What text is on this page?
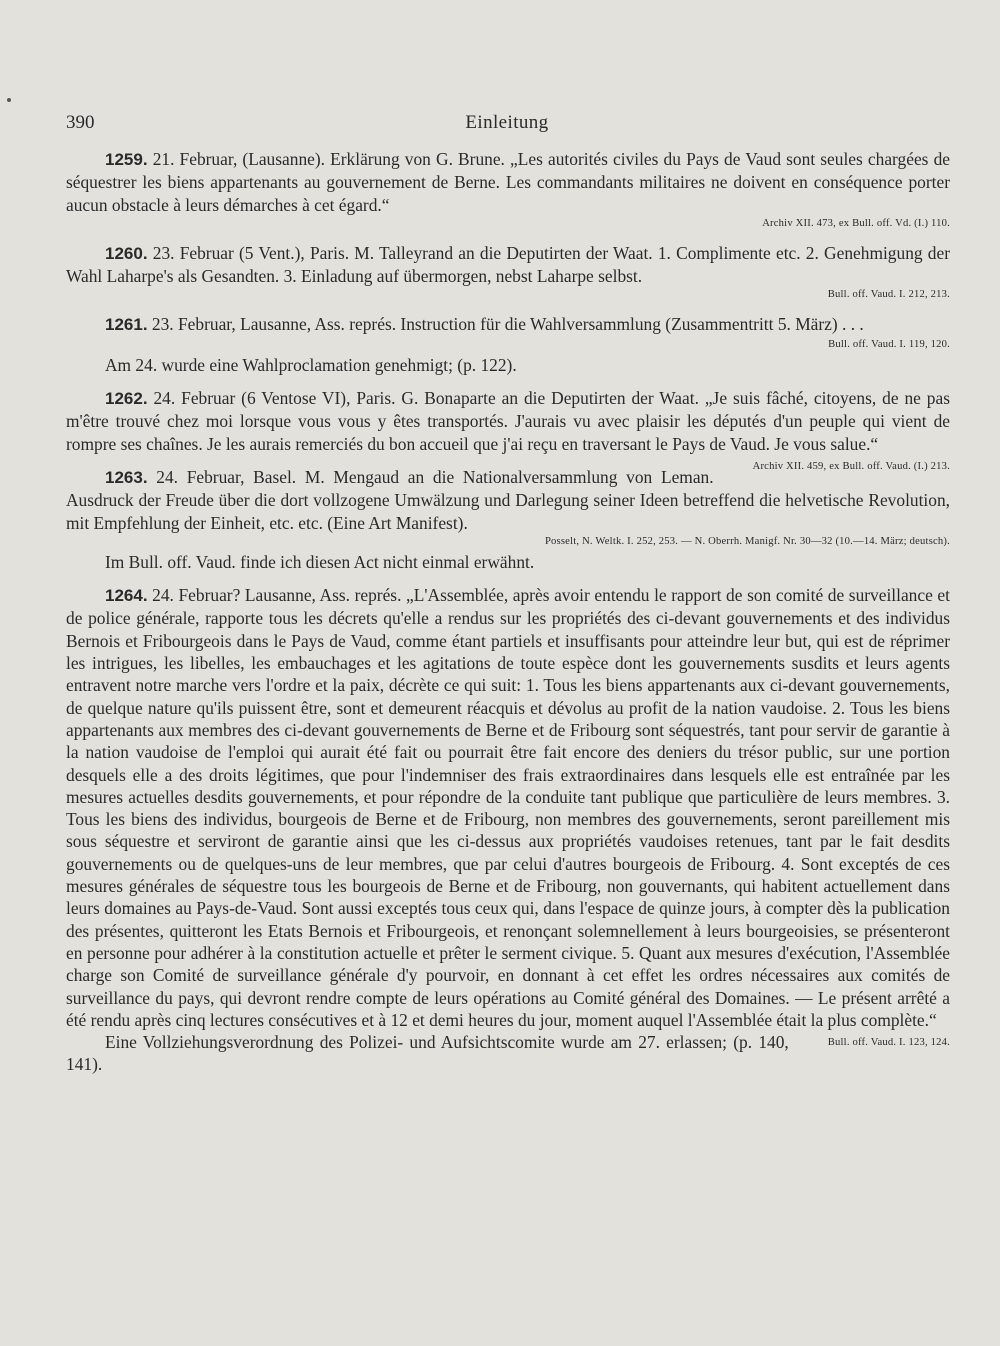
390	Einleitung

1259. 21. Februar, (Lausanne). Erklärung von G. Brune. „Les autorités civiles du Pays de Vaud sont seules chargées de séquestrer les biens appartenants au gouvernement de Berne. Les commandants militaires ne doivent en conséquence porter aucun obstacle à leurs démarches à cet égard.“

Archiv XII. 473, ex Bull. off. Vd. (I.) 110.

1260. 23. Februar (5 Vent.), Paris. M. Talleyrand an die Deputirten der Waat. 1. Complimente etc. 2. Genehmigung der Wahl Laharpe's als Gesandten. 3. Einladung auf übermorgen, nebst Laharpe selbst.

Bull. off. Vaud. I. 212, 213.

1261. 23. Februar, Lausanne, Ass. représ. Instruction für die Wahlversammlung (Zusammentritt 5. März) . . .

Bull. off. Vaud. I. 119, 120.

Am 24. wurde eine Wahlproclamation genehmigt; (p. 122).

1262. 24. Februar (6 Ventose VI), Paris. G. Bonaparte an die Deputirten der Waat. „Je suis fâché, citoyens, de ne pas m'être trouvé chez moi lorsque vous vous y êtes transportés. J'aurais vu avec plaisir les députés d'un peuple qui vient de rompre ses chaînes. Je les aurais remerciés du bon accueil que j'ai reçu en traversant le Pays de Vaud. Je vous salue.“
Archiv XII. 459, ex Bull. off. Vaud. (I.) 213.

1263. 24. Februar, Basel. M. Mengaud an die Nationalversammlung von Leman. Ausdruck der Freude über die dort vollzogene Umwälzung und Darlegung seiner Ideen betreffend die helvetische Revolution, mit Empfehlung der Einheit, etc. etc. (Eine Art Manifest).

Posselt, N. Weltk. I. 252, 253. — N. Oberrh. Manigf. Nr. 30—32 (10.—14. März; deutsch).

Im Bull. off. Vaud. finde ich diesen Act nicht einmal erwähnt.

1264. 24. Februar? Lausanne, Ass. représ. „L'Assemblée, après avoir entendu le rapport de son comité de surveillance et de police générale, rapporte tous les décrets qu'elle a rendus sur les propriétés des ci-devant gouvernements et des individus Bernois et Fribourgeois dans le Pays de Vaud, comme étant partiels et insuffisants pour atteindre leur but, qui est de réprimer les intrigues, les libelles, les embauchages et les agitations de toute espèce dont les gouvernements susdits et leurs agents entravent notre marche vers l'ordre et la paix, décrète ce qui suit: 1. Tous les biens appartenants aux ci-devant gouvernements, de quelque nature qu'ils puissent être, sont et demeurent réacquis et dévolus au profit de la nation vaudoise. 2. Tous les biens appartenants aux membres des ci-devant gouvernements de Berne et de Fribourg sont séquestrés, tant pour servir de garantie à la nation vaudoise de l'emploi qui aurait été fait ou pourrait être fait encore des deniers du trésor public, sur une portion desquels elle a des droits légitimes, que pour l'indemniser des frais extraordinaires dans lesquels elle est entraînée par les mesures actuelles desdits gouvernements, et pour répondre de la conduite tant publique que particulière de leurs membres. 3. Tous les biens des individus, bourgeois de Berne et de Fribourg, non membres des gouvernements, seront pareillement mis sous séquestre et serviront de garantie ainsi que les ci-dessus aux propriétés vaudoises retenues, tant par le fait desdits gouvernements ou de quelques-uns de leur membres, que par celui d'autres bourgeois de Fribourg. 4. Sont exceptés de ces mesures générales de séquestre tous les bourgeois de Berne et de Fribourg, non gouvernants, qui habitent actuellement dans leurs domaines au Pays-de-Vaud. Sont aussi exceptés tous ceux qui, dans l'espace de quinze jours, à compter dès la publication des présentes, quitteront les Etats Bernois et Fribourgeois, et renonçant solemnellement à leurs bourgeoisies, se présenteront en personne pour adhérer à la constitution actuelle et prêter le serment civique. 5. Quant aux mesures d'exécution, l'Assemblée charge son Comité de surveillance générale d'y pourvoir, en donnant à cet effet les ordres nécessaires aux comités de surveillance du pays, qui devront rendre compte de leurs opérations au Comité général des Domaines. — Le présent arrêté a été rendu après cinq lectures consécutives et à 12 et demi heures du jour, moment auquel l'Assemblée était la plus complète.“
Bull. off. Vaud. I. 123, 124.

Eine Vollziehungsverordnung des Polizei- und Aufsichtscomite wurde am 27. erlassen; (p. 140, 141).
